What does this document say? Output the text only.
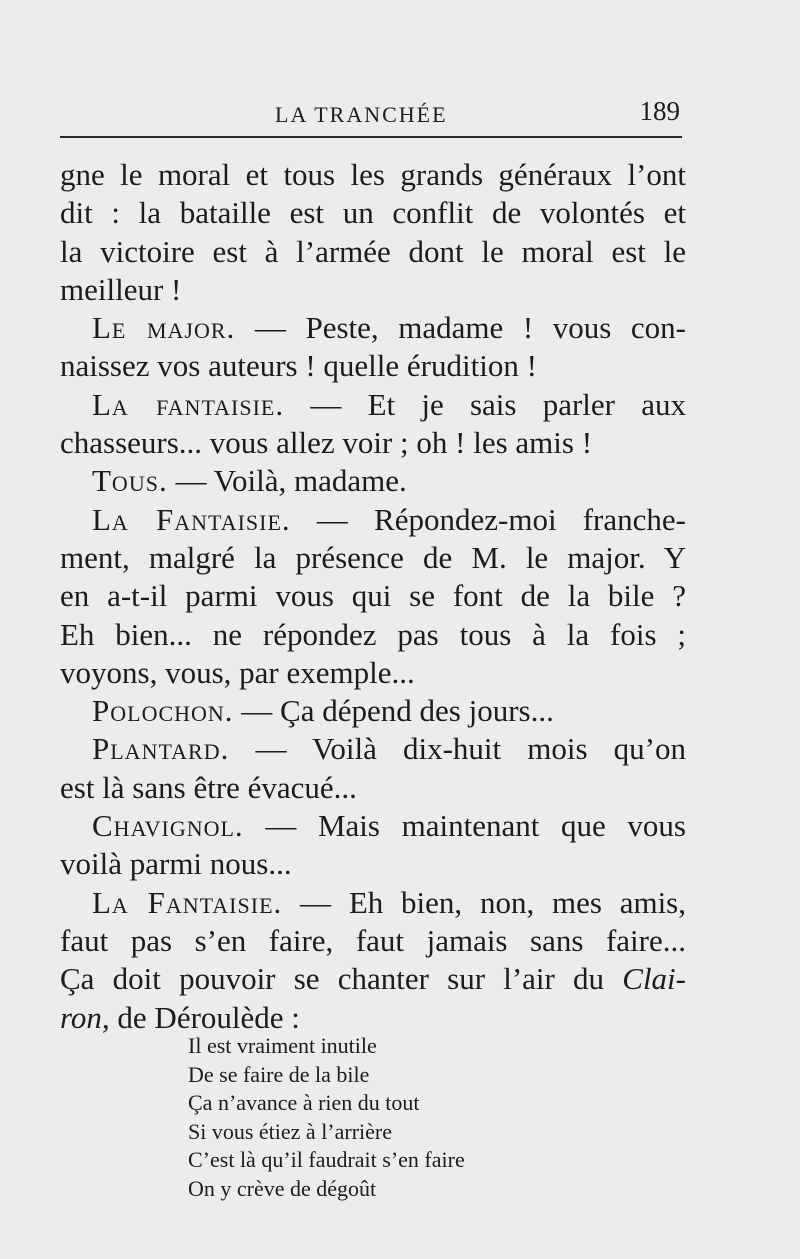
LA TRANCHÉE	189
gne le moral et tous les grands généraux l’ont
dit : la bataille est un conflit de volontés et
la victoire est à l’armée dont le moral est le
meilleur !
Le major. — Peste, madame ! vous con-
naissez vos auteurs ! quelle érudition !
La fantaisie. — Et je sais parler aux
chasseurs... vous allez voir ; oh ! les amis !
Tous. — Voilà, madame.
La Fantaisie. — Répondez-moi franche-
ment, malgré la présence de M. le major. Y
en a-t-il parmi vous qui se font de la bile ?
Eh bien... ne répondez pas tous à la fois ;
voyons, vous, par exemple...
Polochon. — Ça dépend des jours...
Plantard. — Voilà dix-huit mois qu’on
est là sans être évacué...
Chavignol. — Mais maintenant que vous
voilà parmi nous...
La Fantaisie. — Eh bien, non, mes amis,
faut pas s’en faire, faut jamais sans faire...
Ça doit pouvoir se chanter sur l’air du Clai-
ron, de Déroulède :
Il est vraiment inutile
De se faire de la bile
Ça n’avance à rien du tout
Si vous étiez à l’arrière
C’est là qu’il faudrait s’en faire
On y crève de dégoût
